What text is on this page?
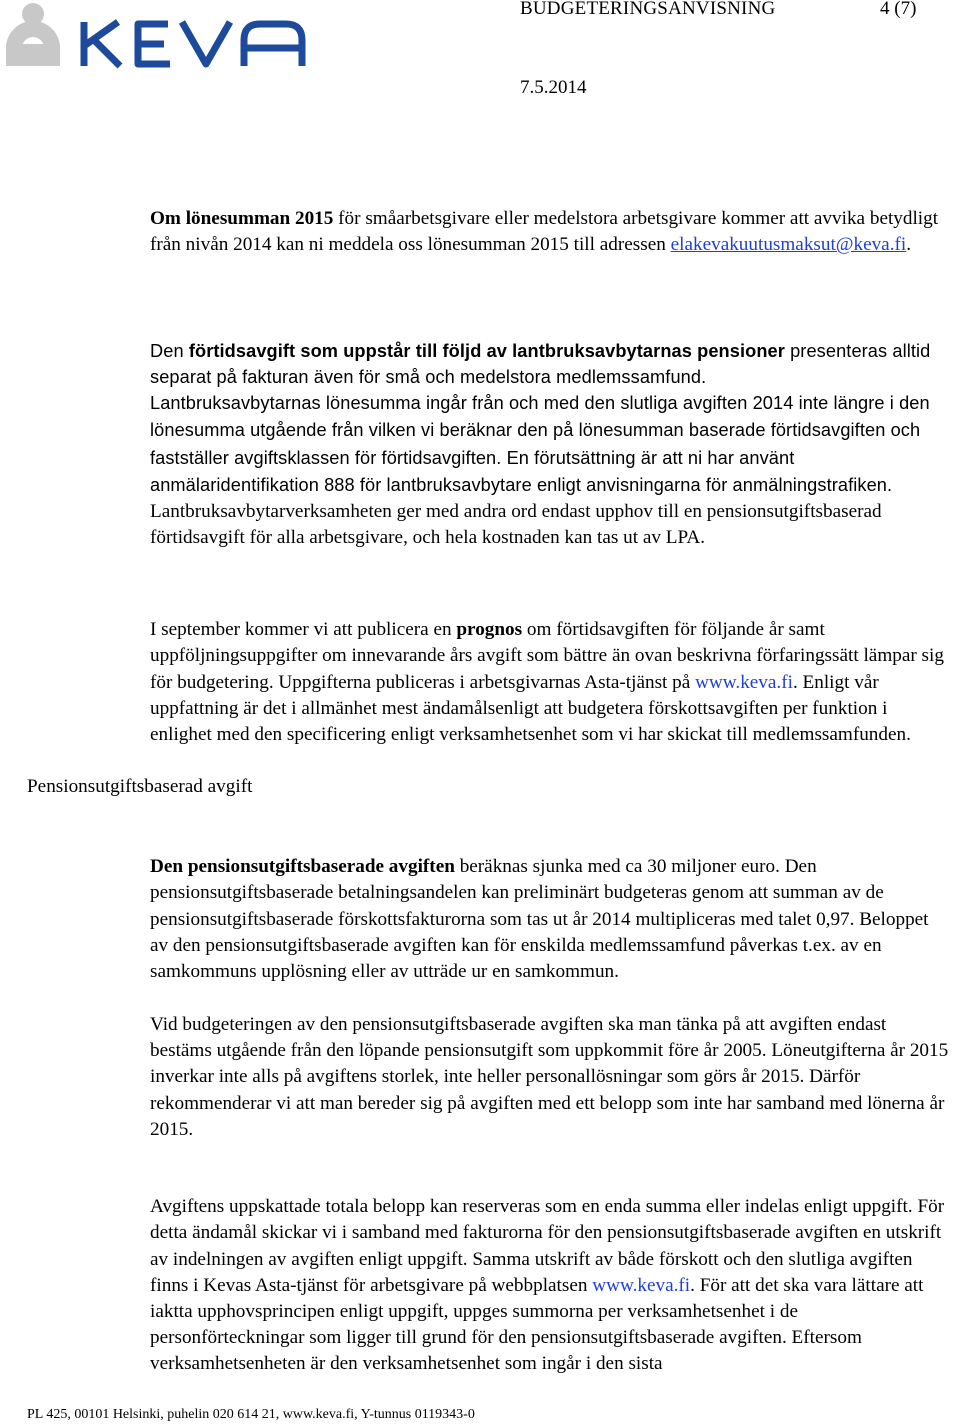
BUDGETERINGSANVISNING	4 (7)
7.5.2014

Om lönesumman 2015 för småarbetsgivare eller medelstora arbetsgivare kommer att avvika betydligt från nivån 2014 kan ni meddela oss lönesumman 2015 till adressen elakevakuutusmaksut@keva.fi.

Den förtidsavgift som uppstår till följd av lantbruksavbytarnas pensioner presenteras alltid separat på fakturan även för små och medelstora medlemssamfund.

Lantbruksavbytarnas lönesumma ingår från och med den slutliga avgiften 2014 inte längre i den lönesumma utgående från vilken vi beräknar den på lönesumman baserade förtidsavgiften och fastställer avgiftsklassen för förtidsavgiften. En förutsättning är att ni har använt anmälaridentifikation 888 för lantbruksavbytare enligt anvisningarna för anmälningstrafiken. Lantbruksavbytarverksamheten ger med andra ord endast upphov till en pensionsutgiftsbaserad förtidsavgift för alla arbetsgivare, och hela kostnaden kan tas ut av LPA.

I september kommer vi att publicera en prognos om förtidsavgiften för följande år samt uppföljningsuppgifter om innevarande års avgift som bättre än ovan beskrivna förfaringssätt lämpar sig för budgetering. Uppgifterna publiceras i arbetsgivarnas Asta-tjänst på www.keva.fi. Enligt vår uppfattning är det i allmänhet mest ändamålsenligt att budgetera förskottsavgiften per funktion i enlighet med den specificering enligt verksamhetsenhet som vi har skickat till medlemssamfunden.

Pensionsutgiftsbaserad avgift

Den pensionsutgiftsbaserade avgiften beräknas sjunka med ca 30 miljoner euro. Den pensionsutgiftsbaserade betalningsandelen kan preliminärt budgeteras genom att summan av de pensionsutgiftsbaserade förskottsfakturorna som tas ut år 2014 multipliceras med talet 0,97. Beloppet av den pensionsutgiftsbaserade avgiften kan för enskilda medlemssamfund påverkas t.ex. av en samkommuns upplösning eller av utträde ur en samkommun.

Vid budgeteringen av den pensionsutgiftsbaserade avgiften ska man tänka på att avgiften endast bestäms utgående från den löpande pensionsutgift som uppkommit före år 2005. Löneutgifterna år 2015 inverkar inte alls på avgiftens storlek, inte heller personallösningar som görs år 2015. Därför rekommenderar vi att man bereder sig på avgiften med ett belopp som inte har samband med lönerna år 2015.

Avgiftens uppskattade totala belopp kan reserveras som en enda summa eller indelas enligt uppgift. För detta ändamål skickar vi i samband med fakturorna för den pensionsutgiftsbaserade avgiften en utskrift av indelningen av avgiften enligt uppgift. Samma utskrift av både förskott och den slutliga avgiften finns i Kevas Asta-tjänst för arbetsgivare på webbplatsen www.keva.fi. För att det ska vara lättare att iaktta upphovsprincipen enligt uppgift, uppges summorna per verksamhetsenhet i de personförteckningar som ligger till grund för den pensionsutgiftsbaserade avgiften. Eftersom verksamhetsenheten är den verksamhetsenhet som ingår i den sista

PL 425, 00101 Helsinki, puhelin 020 614 21, www.keva.fi, Y-tunnus 0119343-0
